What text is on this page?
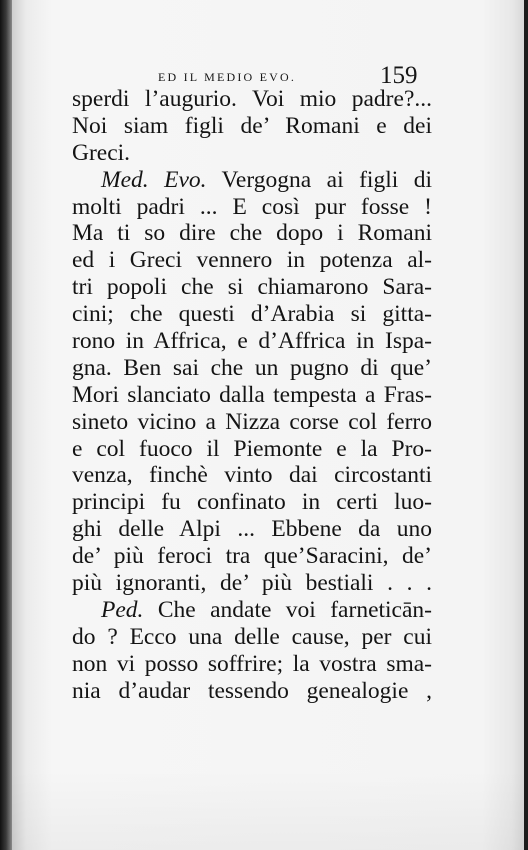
ED IL MEDIO EVO.	159
sperdi l’augurio. Voi mio padre?...
Noi siam figli de’ Romani e dei
Greci.
Med. Evo. Vergogna ai figli di
molti padri ... E così pur fosse !
Ma ti so dire che dopo i Romani
ed i Greci vennero in potenza al-
tri popoli che si chiamarono Sara-
cini; che questi d’Arabia si gitta-
rono in Affrica, e d’Affrica in Ispa-
gna. Ben sai che un pugno di que’
Mori slanciato dalla tempesta a Fras-
sineto vicino a Nizza corse col ferro
e col fuoco il Piemonte e la Pro-
venza, finchè vinto dai circostanti
principi fu confinato in certi luo-
ghi delle Alpi ... Ebbene da uno
de’ più feroci tra que’Saracini, de’
più ignoranti, de’ più bestiali . . .
Ped. Che andate voi farneticān-
do ? Ecco una delle cause, per cui
non vi posso soffrire; la vostra sma-
nia d’audar tessendo genealogie ,
